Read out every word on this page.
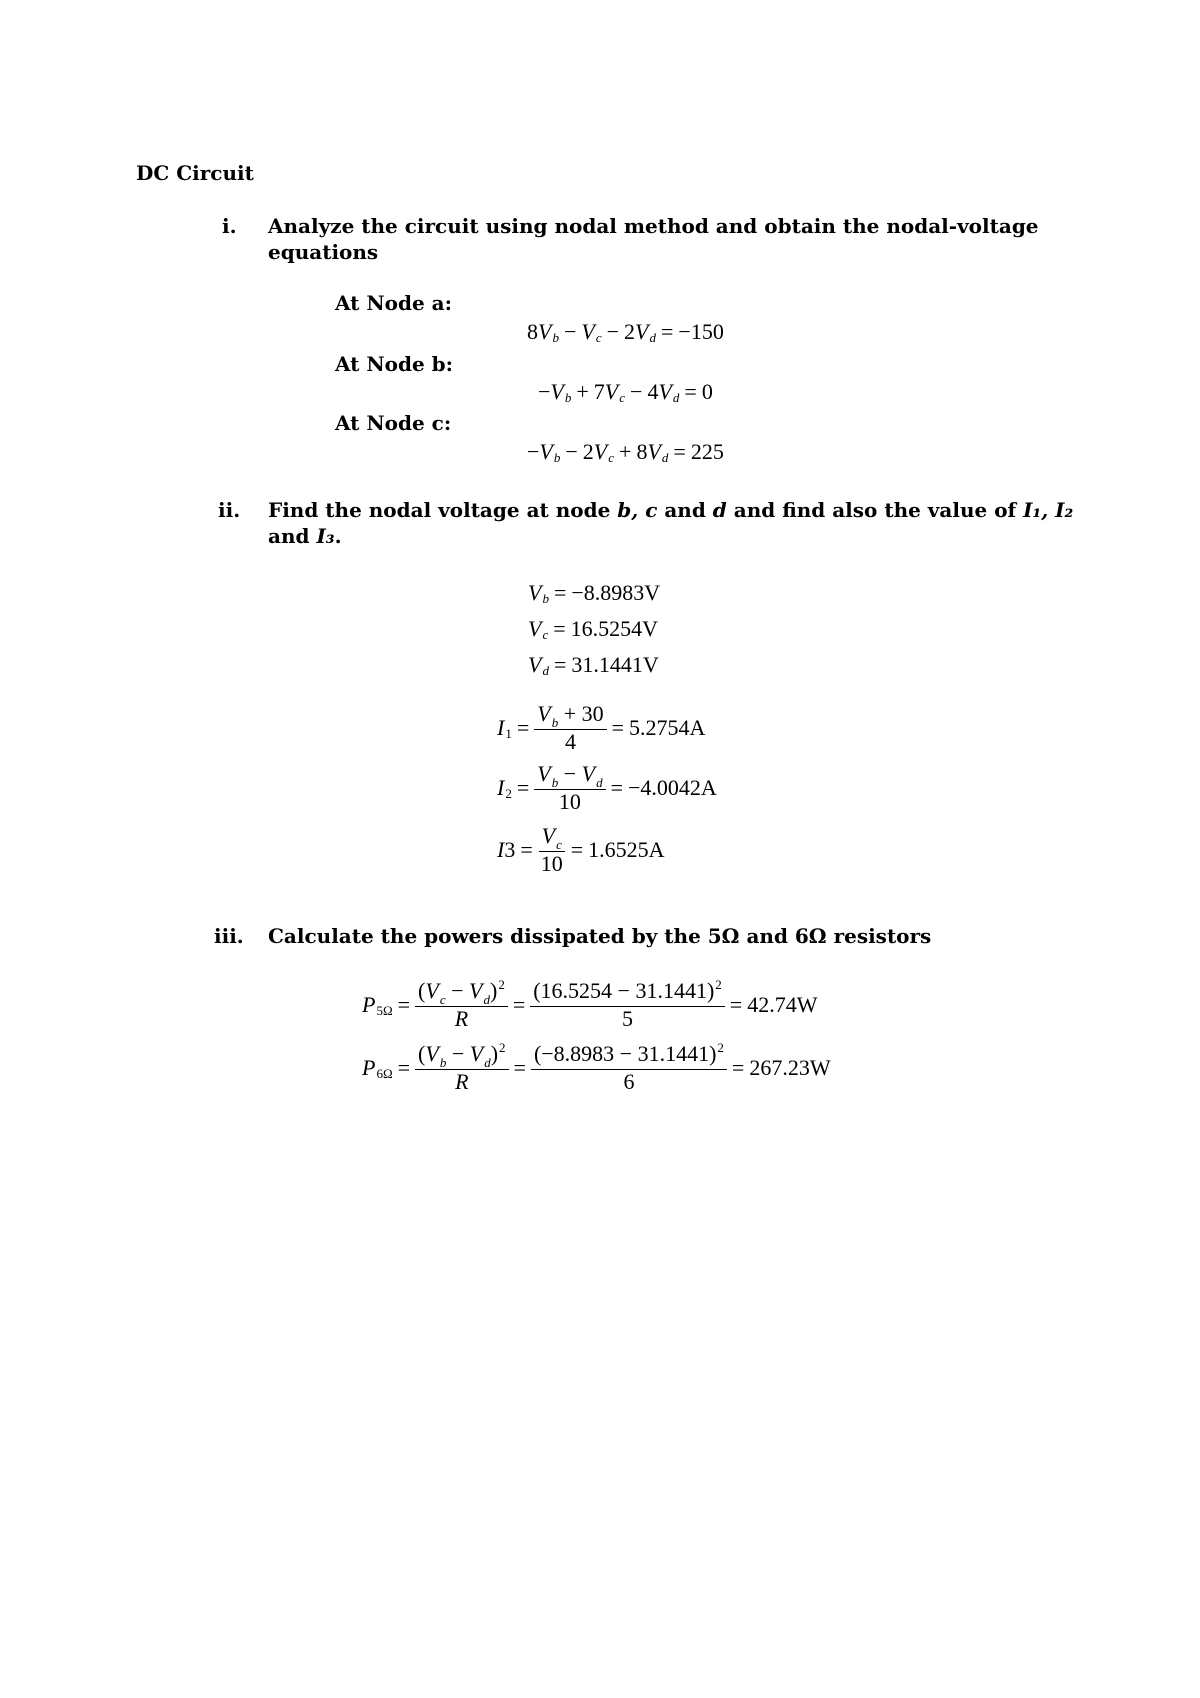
DC Circuit
i. Analyze the circuit using nodal method and obtain the nodal-voltage
equations
At Node a:
8 V b − V c − 2 V d = −150
At Node b:
− V b + 7 V c − 4 V d = 0
At Node c:
− V b − 2 V c + 8 V d = 225
ii. Find the nodal voltage at node b, c and d and find also the value of I₁, I₂
and I₃.
V b = −8.8983V
V c = 16.5254V
V d = 31.1441V
I $1 = \frac{V_b + 30}{4} = 5.2754A$
I $2 = \frac{V_b - V_d}{10} = -4.0042A$
I $3 = \frac{V_c}{10} = 1.6525A$
iii. Calculate the powers dissipated by the 5Ω and 6Ω resistors
P $5\Omega = \frac{(V_c - V_d)^2}{R} = \frac{(16.5254 - 31.1441)^2}{5} = 42.74W$
P $6\Omega = \frac{(V_b - V_d)^2}{R} = \frac{(-8.8983 - 31.1441)^2}{6} = 267.23W$
